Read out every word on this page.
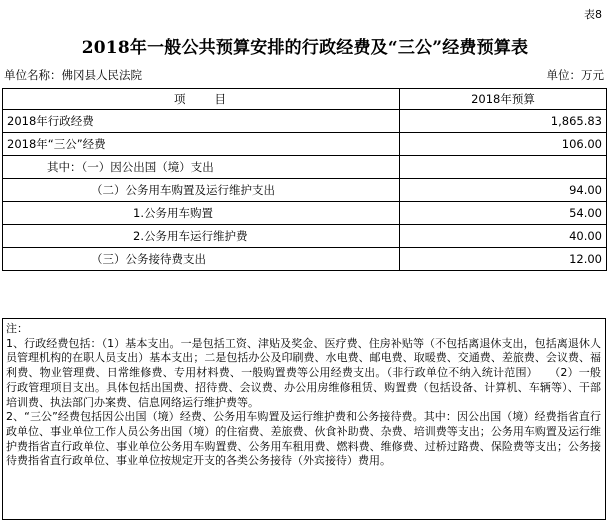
表8
2018年一般公共预算安排的行政经费及“三公”经费预算表
单位名称：佛冈县人民法院	单位：万元
项　　目	2018年预算
2018年行政经费	1,865.83
2018年“三公”经费	106.00
其中：（一）因公出国（境）支出	
（二）公务用车购置及运行维护支出	94.00
1.公务用车购置	54.00
2.公务用车运行维护费	40.00
（三）公务接待费支出	12.00

注：

1、行政经费包括：（1）基本支出。一是包括工资、津贴及奖金、医疗费、住房补贴等（不包括离退休支出，包括离退休人员管理机构的在职人员支出）基本支出；二是包括办公及印刷费、水电费、邮电费、取暖费、交通费、差旅费、会议费、福利费、物业管理费、日常维修费、专用材料费、一般购置费等公用经费支出。（非行政单位不纳入统计范围）　　（2）一般行政管理项目支出。具体包括出国费、招待费、会议费、办公用房维修租赁、购置费（包括设备、计算机、车辆等）、干部培训费、执法部门办案费、信息网络运行维护费等。

2、“三公”经费包括因公出国（境）经费、公务用车购置及运行维护费和公务接待费。其中：因公出国（境）经费指省直行政单位、事业单位工作人员公务出国（境）的住宿费、差旅费、伙食补助费、杂费、培训费等支出；公务用车购置及运行维护费指省直行政单位、事业单位公务用车购置费、公务用车租用费、燃料费、维修费、过桥过路费、保险费等支出；公务接待费指省直行政单位、事业单位按规定开支的各类公务接待（外宾接待）费用。
